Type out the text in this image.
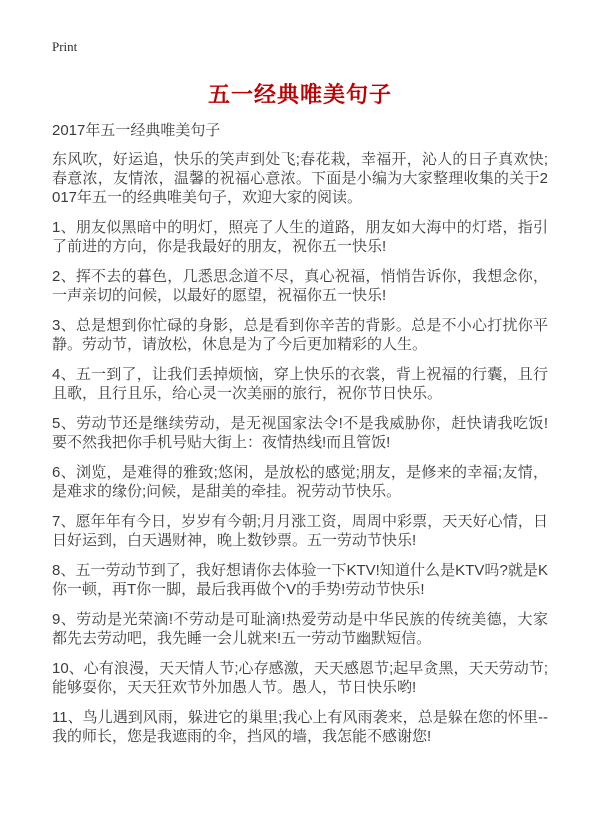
Print
五一经典唯美句子

2017年五一经典唯美句子

东风吹，好运追，快乐的笑声到处飞;春花栽，幸福开，沁人的日子真欢快;春意浓，友情浓，温馨的祝福心意浓。下面是小编为大家整理收集的关于2017年五一的经典唯美句子，欢迎大家的阅读。

1、朋友似黑暗中的明灯，照亮了人生的道路，朋友如大海中的灯塔，指引了前进的方向，你是我最好的朋友，祝你五一快乐!

2、挥不去的暮色，几悉思念道不尽，真心祝福，悄悄告诉你，我想念你，一声亲切的问候，以最好的愿望，祝福你五一快乐!

3、总是想到你忙碌的身影，总是看到你辛苦的背影。总是不小心打扰你平静。劳动节，请放松，休息是为了今后更加精彩的人生。

4、五一到了，让我们丢掉烦恼，穿上快乐的衣裳，背上祝福的行囊，且行且歌，且行且乐，给心灵一次美丽的旅行，祝你节日快乐。

5、劳动节还是继续劳动，是无视国家法令!不是我威胁你，赶快请我吃饭!要不然我把你手机号贴大街上：夜情热线!而且管饭!

6、浏览，是难得的雅致;悠闲，是放松的感觉;朋友，是修来的幸福;友情，是难求的缘份;问候，是甜美的牵挂。祝劳动节快乐。

7、愿年年有今日，岁岁有今朝;月月涨工资，周周中彩票，天天好心情，日日好运到，白天遇财神，晚上数钞票。五一劳动节快乐!

8、五一劳动节到了，我好想请你去体验一下KTV!知道什么是KTV吗?就是K你一顿，再T你一脚，最后我再做个V的手势!劳动节快乐!

9、劳动是光荣滴!不劳动是可耻滴!热爱劳动是中华民族的传统美德，大家都先去劳动吧，我先睡一会儿就来!五一劳动节幽默短信。

10、心有浪漫，天天情人节;心存感激，天天感恩节;起早贪黑，天天劳动节;能够耍你，天天狂欢节外加愚人节。愚人，节日快乐哟!

11、鸟儿遇到风雨，躲进它的巢里;我心上有风雨袭来，总是躲在您的怀里--我的师长，您是我遮雨的伞，挡风的墙，我怎能不感谢您!
